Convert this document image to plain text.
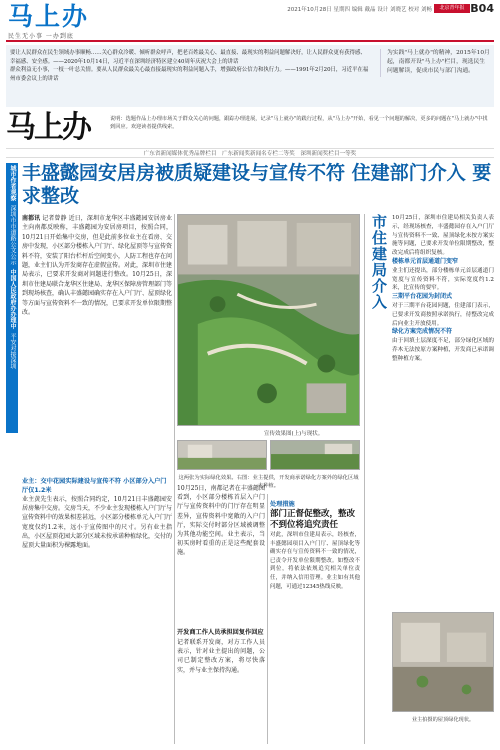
马上办
民生无小事 一办到底
2021年10月28日 星期四 编辑 戴晶 设计 刘晓艺 校对 刘畅	北京青年报 B04

要让人民群众在民生领域办事顺畅……关心群众冷暖、倾听群众呼声，把老百姓最关心、最直接、最现实的利益问题解决好，让人民群众更有获得感、幸福感、安全感。——2020年10月14日，习近平在深圳经济特区建立40周年庆祝大会上的讲话

群众利益无小事，一枝一叶总关情。要从人民群众最关心最直接最现实的利益问题入手，增强政府公信力和执行力。——1991年2月20日，习近平在福州市委会议上的讲话

为实践"马上就办"的精神，2015年10月起，南都开设"马上办"栏目，现选民生问题解读，促成市民与部门沟通。
马上办	说明：选题作品上办理市场关于群众关心的问题，跟踪办理进展，记录"马上就办"的践行过程，从"马上办"开始，看见一个问题的解决，更多的问题在"马上就办"中找到回应。欢迎读者提供线索。
广东省新闻媒体优秀品牌栏目　广东新闻奖新闻名专栏二等奖　深圳新闻奖栏目一等奖
城市作者观察
深圳市市道路公文公示
中国人民政府办办理中
平安对接深圳
丰盛懿园安居房被质疑建设与宣传不符 住建部门介入 要求整改
南都讯 记者曾静 近日，深圳市龙华区丰盛懿园安居房业主向南都反映称，丰盛懿园为安居房项目，按照合同，10月21日开始集中交房，但是此前多位业主在看房、交房中发现，小区部分楼栋入户门厅、绿化屋顶等与宣传资料不符，安装了阳台栏杆后空间变小，人防工程也存在问题，业主们认为开发商存在虚假宣传。对此，深圳市住建局表示，已要求开发商对问题进行整改。10月25日，深圳市住建局联合龙华区住建局、龙华区保障房管理部门等到现场核查，确认丰盛懿园确实存在入户门厅、屋顶绿化等方面与宣传资料不一致的情况，已要求开发单位限期整改。
宣传效果图(上)与现状。
这两张为实际绿化效果。右图：业主提供，开发商承诺绿化方案外的绿化区域未种植。
业主：交中花园实际建设与宣传不符 小区部分入户门厅仅1.2米
业主黄先生表示，按照合同约定，10月21日丰盛懿园安居房集中交房。交房当天，不少业主发现楼栋入户门厅与宣传资料中的效果相差甚远，小区部分楼栋单元入户门厅宽度仅约1.2米，远小于宣传图中的尺寸。另有业主指出，小区屋顶花园大部分区域未按承诺种植绿化，交付的屋顶大量面积为裸露地面。
10月25日，南都记者在丰盛懿园看到，小区部分楼栋首层入户门厅与宣传资料中的门厅存在明显差异，宣传资料中宽敞的入户门厅，实际交付时部分区域被调整为其他功能空间。业主表示，当初买房时看重的正是这些配套设施。
开发商工作人员承担回复作回应
记者联系开发商，对方工作人员表示，针对业主提出的问题，公司已制定整改方案，将尽快落实，并与业主保持沟通。
处理措施
部门正督促整改，整改不到位将追究责任
对此，深圳市住建局表示，经核查，丰盛懿园项目入户门厅、屋顶绿化等确实存在与宣传资料不一致的情况，已责令开发单位限期整改。如整改不到位，将依法依规追究相关单位责任，并纳入信用管理。业主如有其他问题，可通过12345热线反映。
市住建局介入 10月25日，深圳市住建局相关负责人表示，经现场核查，丰盛懿园存在入户门厅与宣传资料不一致、屋顶绿化未按方案实施等问题，已要求开发单位限期整改，整改完成后将组织复核。

楼栋单元首层通道门变窄

业主们还提出，部分楼栋单元首层通道门宽度与宣传资料不符，实际宽度约1.2米，比宣传的要窄。

三期平台花园为封闭式

对于三期平台花园问题，住建部门表示，已要求开发商按照承诺执行，待整改完成后向业主开放使用。

绿化方案完成情况不符

由于回填土层深度不足，部分绿化区域的乔木无法按原方案种植，开发商已承诺调整种植方案。

业主拍摄的屋顶绿化现状。
